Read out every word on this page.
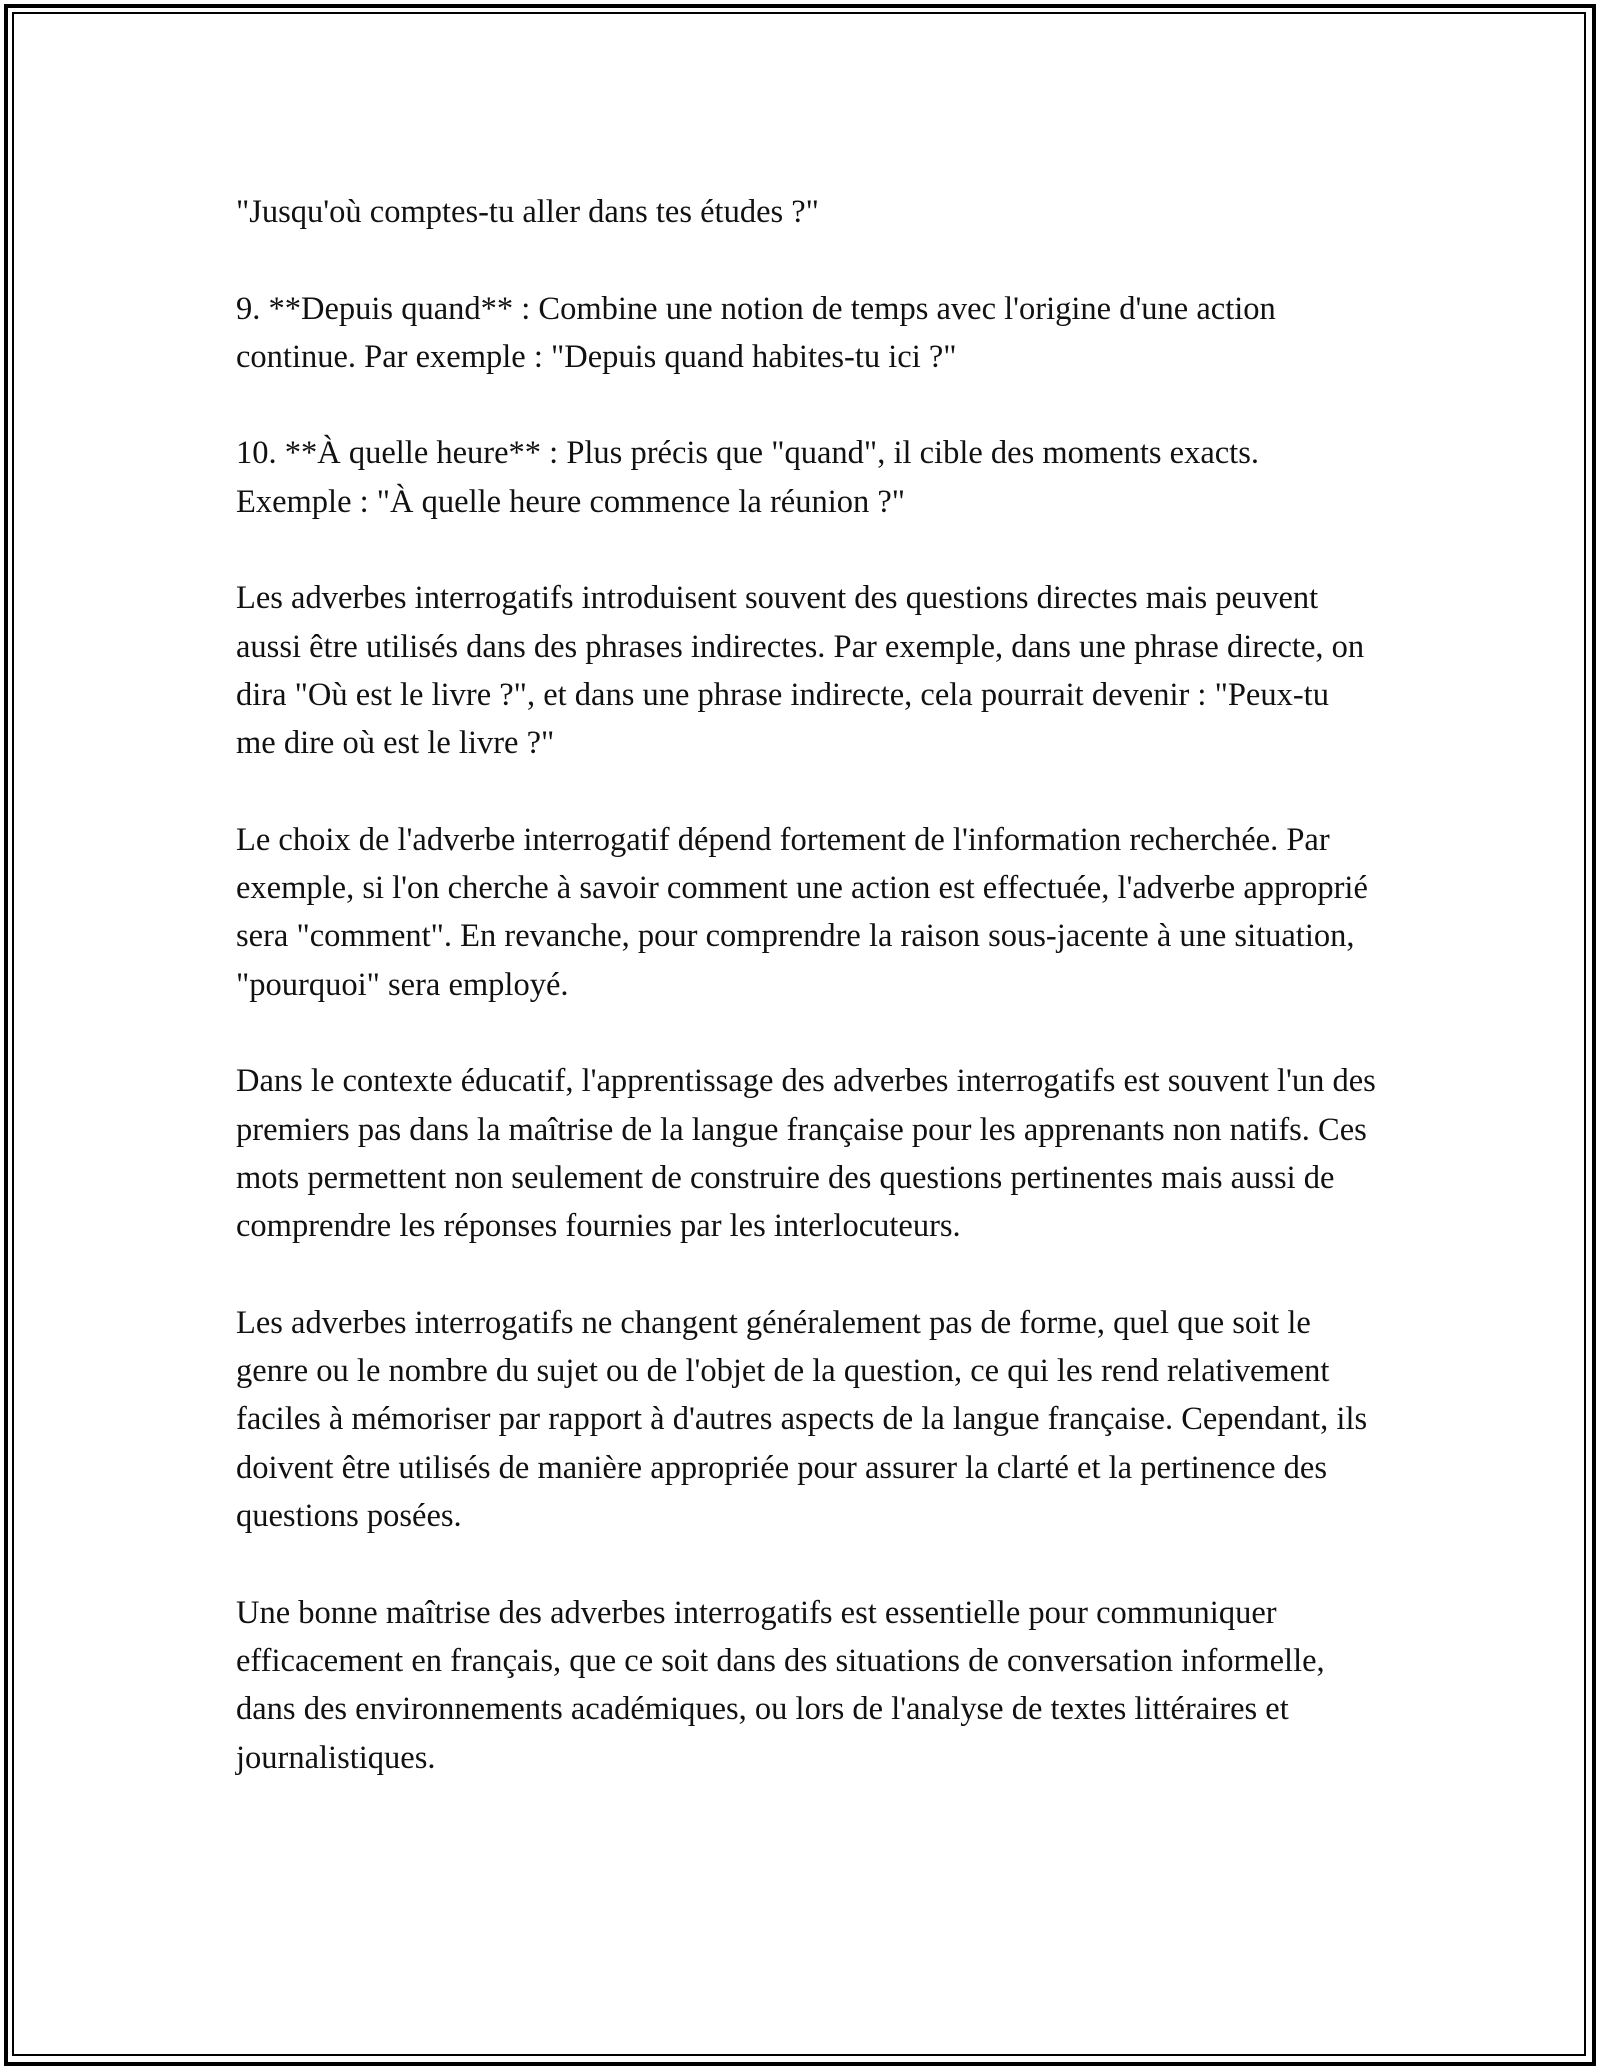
"Jusqu'où comptes-tu aller dans tes études ?"

9. **Depuis quand** : Combine une notion de temps avec l'origine d'une action continue. Par exemple : "Depuis quand habites-tu ici ?"

10. **À quelle heure** : Plus précis que "quand", il cible des moments exacts. Exemple : "À quelle heure commence la réunion ?"

Les adverbes interrogatifs introduisent souvent des questions directes mais peuvent aussi être utilisés dans des phrases indirectes. Par exemple, dans une phrase directe, on dira "Où est le livre ?", et dans une phrase indirecte, cela pourrait devenir : "Peux-tu me dire où est le livre ?"

Le choix de l'adverbe interrogatif dépend fortement de l'information recherchée. Par exemple, si l'on cherche à savoir comment une action est effectuée, l'adverbe approprié sera "comment". En revanche, pour comprendre la raison sous-jacente à une situation, "pourquoi" sera employé.

Dans le contexte éducatif, l'apprentissage des adverbes interrogatifs est souvent l'un des premiers pas dans la maîtrise de la langue française pour les apprenants non natifs. Ces mots permettent non seulement de construire des questions pertinentes mais aussi de comprendre les réponses fournies par les interlocuteurs.

Les adverbes interrogatifs ne changent généralement pas de forme, quel que soit le genre ou le nombre du sujet ou de l'objet de la question, ce qui les rend relativement faciles à mémoriser par rapport à d'autres aspects de la langue française. Cependant, ils doivent être utilisés de manière appropriée pour assurer la clarté et la pertinence des questions posées.

Une bonne maîtrise des adverbes interrogatifs est essentielle pour communiquer efficacement en français, que ce soit dans des situations de conversation informelle, dans des environnements académiques, ou lors de l'analyse de textes littéraires et journalistiques.
